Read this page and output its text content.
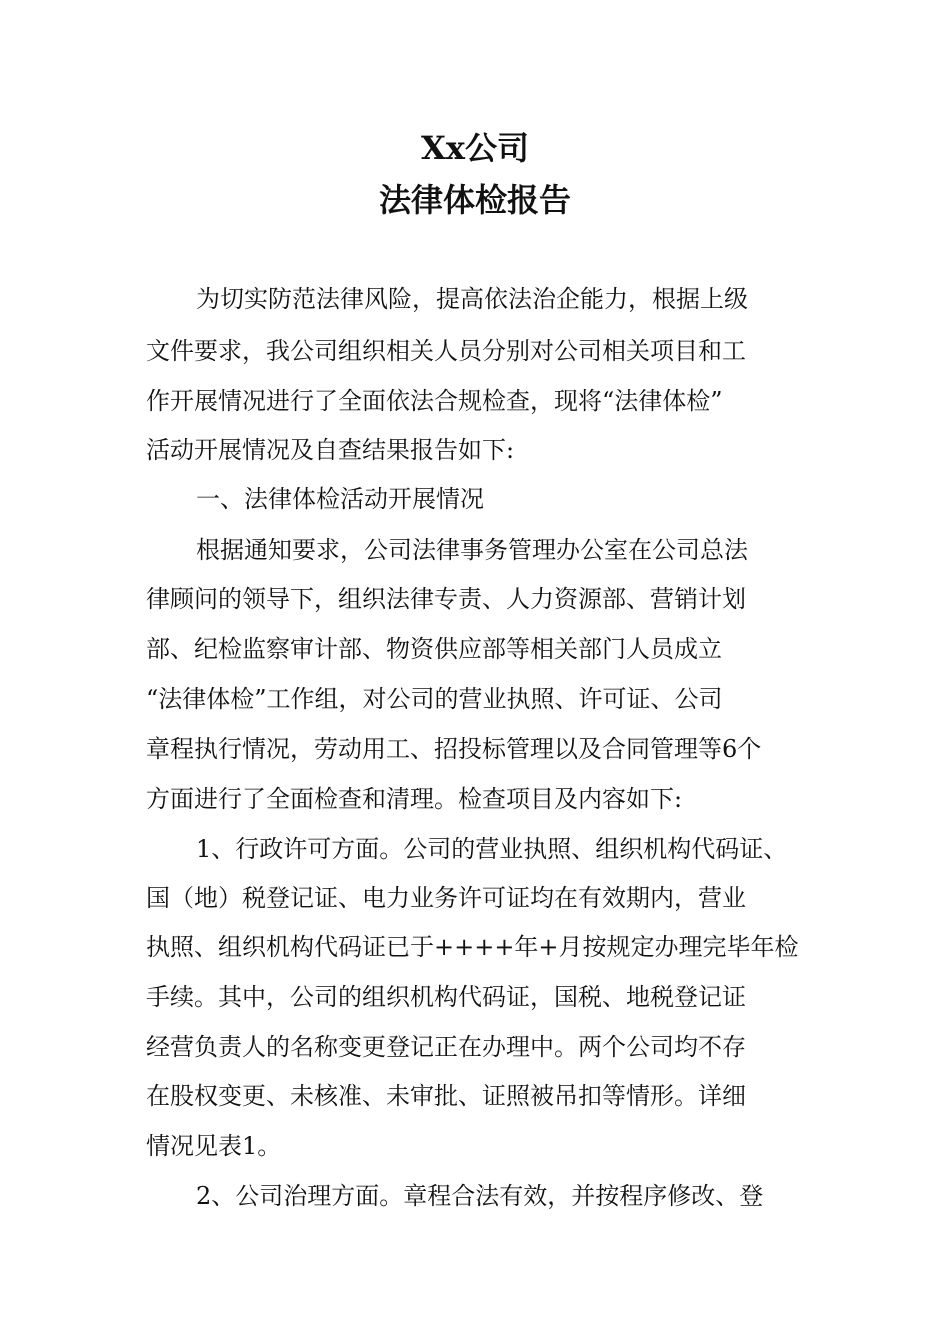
Xx公司
法律体检报告

为切实防范法律风险，提高依法治企能力，根据上级

文件要求，我公司组织相关人员分别对公司相关项目和工

作开展情况进行了全面依法合规检查，现将“法律体检”

活动开展情况及自查结果报告如下:

一、法律体检活动开展情况

根据通知要求，公司法律事务管理办公室在公司总法

律顾问的领导下，组织法律专责、人力资源部、营销计划

部、纪检监察审计部、物资供应部等相关部门人员成立

“法律体检”工作组，对公司的营业执照、许可证、公司

章程执行情况，劳动用工、招投标管理以及合同管理等6个

方面进行了全面检查和清理。检查项目及内容如下:

1、行政许可方面。公司的营业执照、组织机构代码证、

国（地）税登记证、电力业务许可证均在有效期内，营业

执照、组织机构代码证已于++++年+月按规定办理完毕年检

手续。其中，公司的组织机构代码证，国税、地税登记证

经营负责人的名称变更登记正在办理中。两个公司均不存

在股权变更、未核准、未审批、证照被吊扣等情形。详细

情况见表1。

2、公司治理方面。章程合法有效，并按程序修改、登
